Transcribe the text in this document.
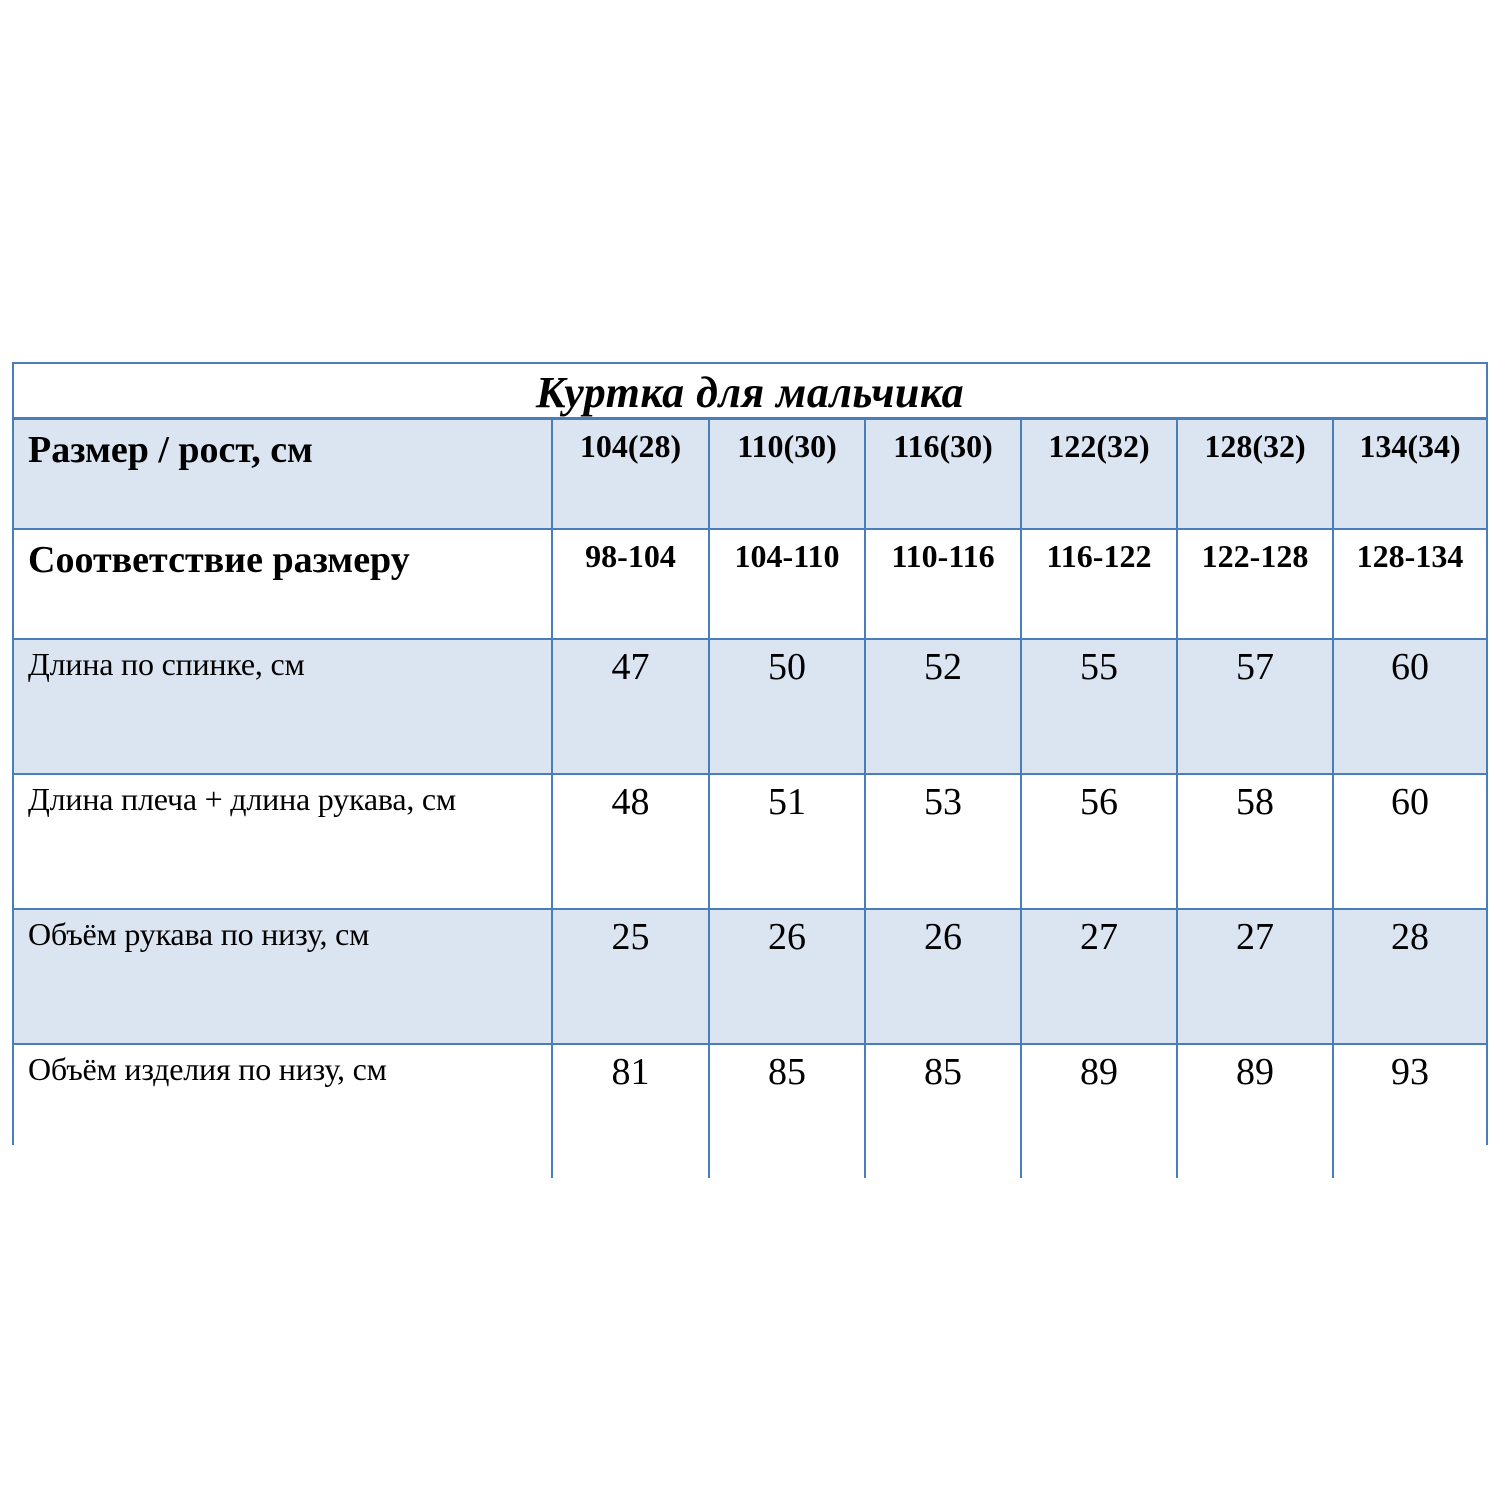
Куртка для мальчика
Размер / рост, см	104(28)	110(30)	116(30)	122(32)	128(32)	134(34)
Соответствие размеру	98-104	104-110	110-116	116-122	122-128	128-134
Длина по спинке, см	47	50	52	55	57	60
Длина плеча + длина рукава, см	48	51	53	56	58	60
Объём рукава по низу, см	25	26	26	27	27	28
Объём изделия по низу, см	81	85	85	89	89	93
